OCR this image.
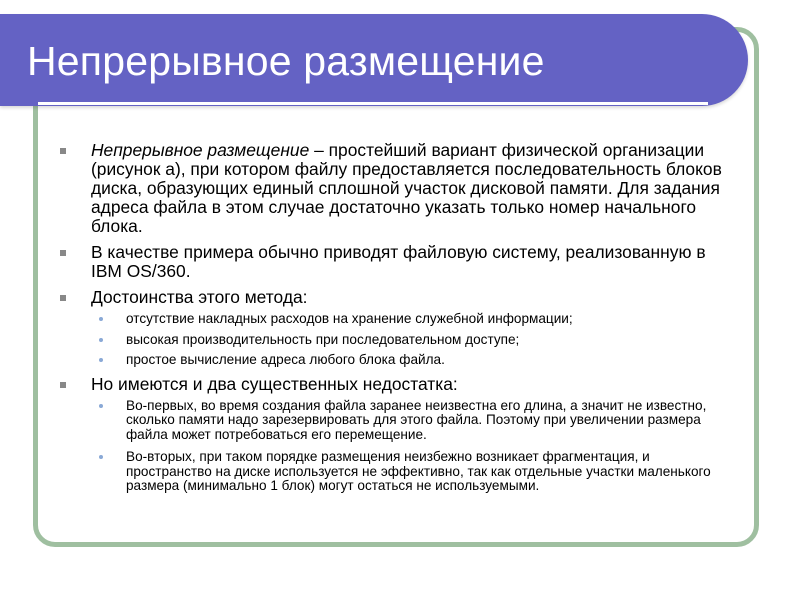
Непрерывное размещение
Непрерывное размещение – простейший вариант физической организации (рисунок а), при котором файлу предоставляется последовательность блоков диска, образующих единый сплошной участок дисковой памяти. Для задания адреса файла в этом случае достаточно указать только номер начального блока.
В качестве примера обычно приводят файловую систему, реализованную в IBM OS/360.
Достоинства этого метода:
отсутствие накладных расходов на хранение служебной информации;
высокая производительность при последовательном доступе;
простое вычисление адреса любого блока файла.
Но имеются и два существенных недостатка:
Во-первых, во время создания файла заранее неизвестна его длина, а значит не известно, сколько памяти надо зарезервировать для этого файла. Поэтому при увеличении размера файла может потребоваться его перемещение.
Во-вторых, при таком порядке размещения неизбежно возникает фрагментация, и пространство на диске используется не эффективно, так как отдельные участки маленького размера (минимально 1 блок) могут остаться не используемыми.
